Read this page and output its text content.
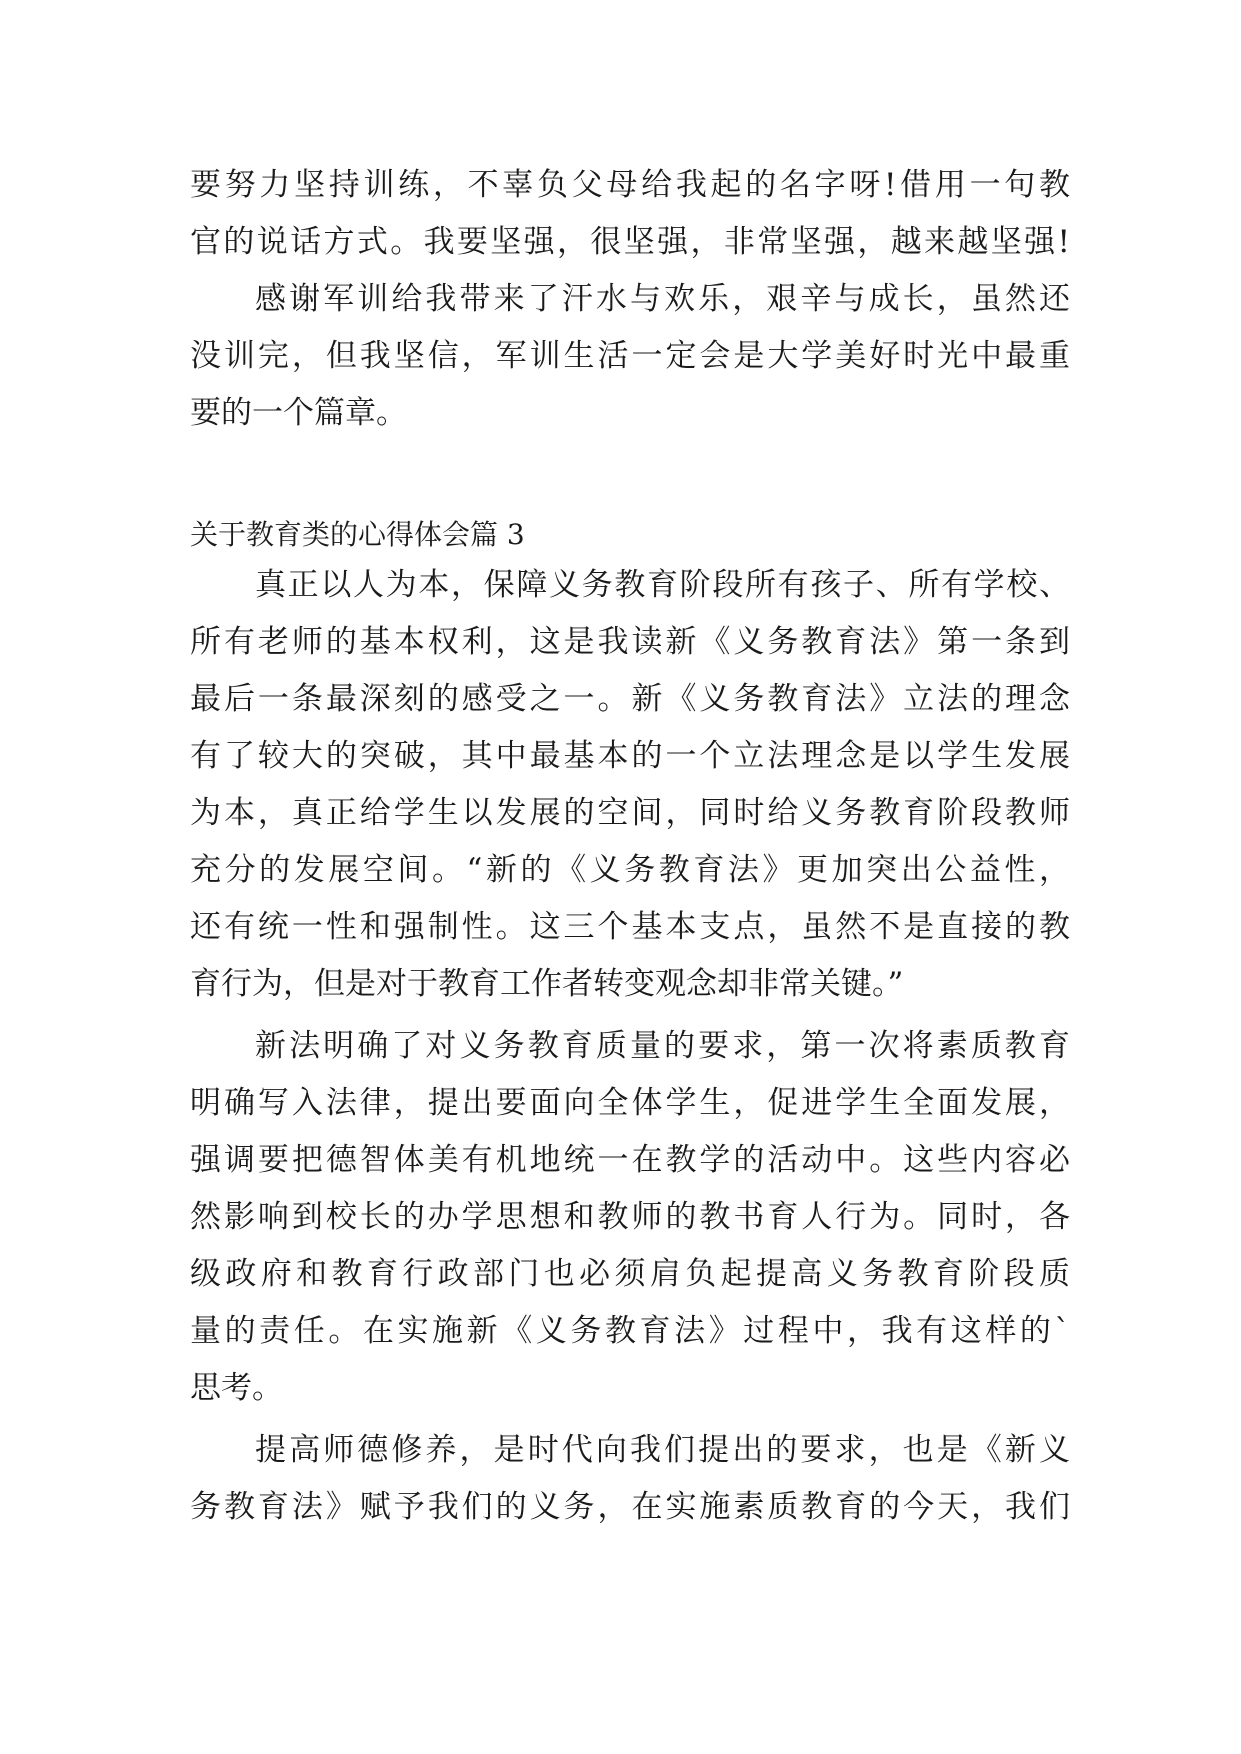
要努力坚持训练，不辜负父母给我起的名字呀!借用一句教
官的说话方式。我要坚强，很坚强，非常坚强，越来越坚强!
感谢军训给我带来了汗水与欢乐，艰辛与成长，虽然还
没训完，但我坚信，军训生活一定会是大学美好时光中最重
要的一个篇章。
关于教育类的心得体会篇 3
真正以人为本，保障义务教育阶段所有孩子、所有学校、
所有老师的基本权利，这是我读新《义务教育法》第一条到
最后一条最深刻的感受之一。新《义务教育法》立法的理念
有了较大的突破，其中最基本的一个立法理念是以学生发展
为本，真正给学生以发展的空间，同时给义务教育阶段教师
充分的发展空间。“新的《义务教育法》更加突出公益性，
还有统一性和强制性。这三个基本支点，虽然不是直接的教
育行为，但是对于教育工作者转变观念却非常关键。”
新法明确了对义务教育质量的要求，第一次将素质教育
明确写入法律，提出要面向全体学生，促进学生全面发展，
强调要把德智体美有机地统一在教学的活动中。这些内容必
然影响到校长的办学思想和教师的教书育人行为。同时，各
级政府和教育行政部门也必须肩负起提高义务教育阶段质
量的责任。在实施新《义务教育法》过程中，我有这样的`
思考。
提高师德修养，是时代向我们提出的要求，也是《新义
务教育法》赋予我们的义务，在实施素质教育的今天，我们
